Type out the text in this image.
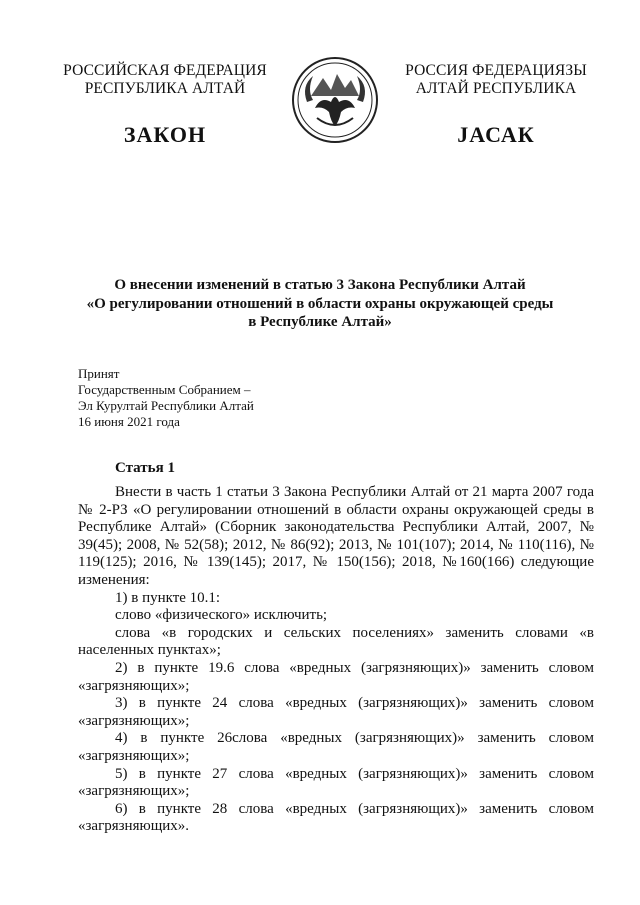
РОССИЙСКАЯ ФЕДЕРАЦИЯ
РЕСПУБЛИКА АЛТАЙ
РОССИЯ ФЕДЕРАЦИЯЗЫ
АЛТАЙ РЕСПУБЛИКА
ЗАКОН	ЈАСАК
О внесении изменений в статью 3 Закона Республики Алтай
«О регулировании отношений в области охраны окружающей среды
в Республике Алтай»
Принят
Государственным Собранием –
Эл Курултай Республики Алтай
16 июня 2021 года
Статья 1

Внести в часть 1 статьи 3 Закона Республики Алтай от 21 марта 2007 года № 2-РЗ «О регулировании отношений в области охраны окружающей среды в Республике Алтай» (Сборник законодательства Республики Алтай, 2007, № 39(45); 2008, № 52(58); 2012, № 86(92); 2013, № 101(107); 2014, № 110(116), № 119(125); 2016, № 139(145); 2017, № 150(156); 2018, №160(166) следующие изменения:

1) в пункте 10.1:

слово «физического» исключить;

слова «в городских и сельских поселениях» заменить словами «в населенных пунктах»;

2) в пункте 19.6 слова «вредных (загрязняющих)» заменить словом «загрязняющих»;

3) в пункте 24 слова «вредных (загрязняющих)» заменить словом «загрязняющих»;

4) в пункте 26слова «вредных (загрязняющих)» заменить словом «загрязняющих»;

5) в пункте 27 слова «вредных (загрязняющих)» заменить словом «загрязняющих»;

6) в пункте 28 слова «вредных (загрязняющих)» заменить словом «загрязняющих».
